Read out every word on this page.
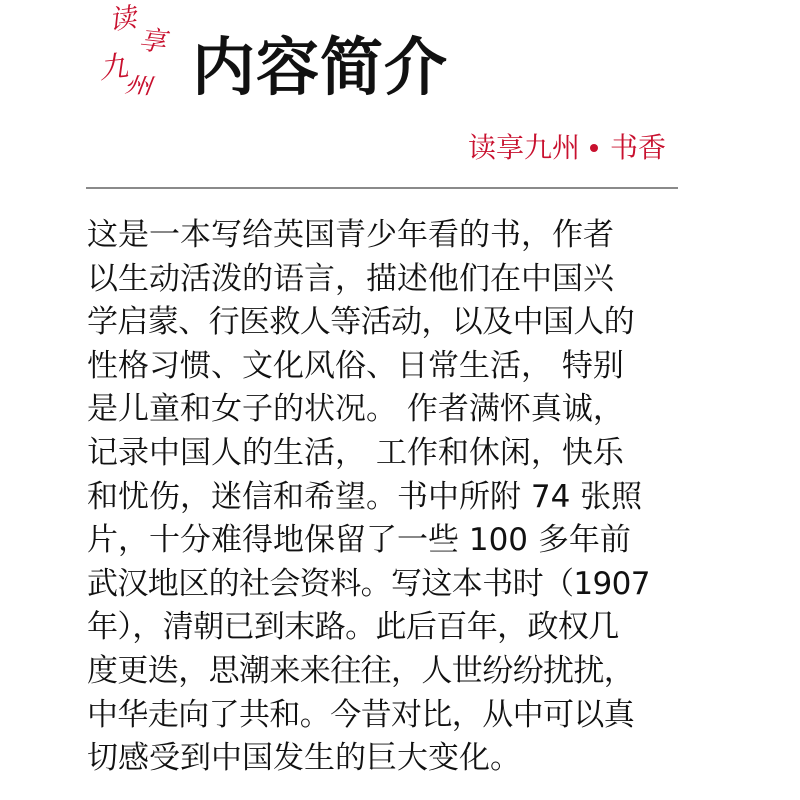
读
享
九
州 内容简介
读享九州 书香
这是一本写给英国青少年看的书，作者
以生动活泼的语言，描述他们在中国兴
学启蒙、行医救人等活动，以及中国人的
性格习惯、文化风俗、日常生活， 特别
是儿童和女子的状况。 作者满怀真诚，
记录中国人的生活， 工作和休闲，快乐
和忧伤，迷信和希望。书中所附 74 张照
片，十分难得地保留了一些 100 多年前
武汉地区的社会资料。写这本书时（1907
年），清朝已到末路。此后百年，政权几
度更迭，思潮来来往往，人世纷纷扰扰，
中华走向了共和。今昔对比，从中可以真
切感受到中国发生的巨大变化。
